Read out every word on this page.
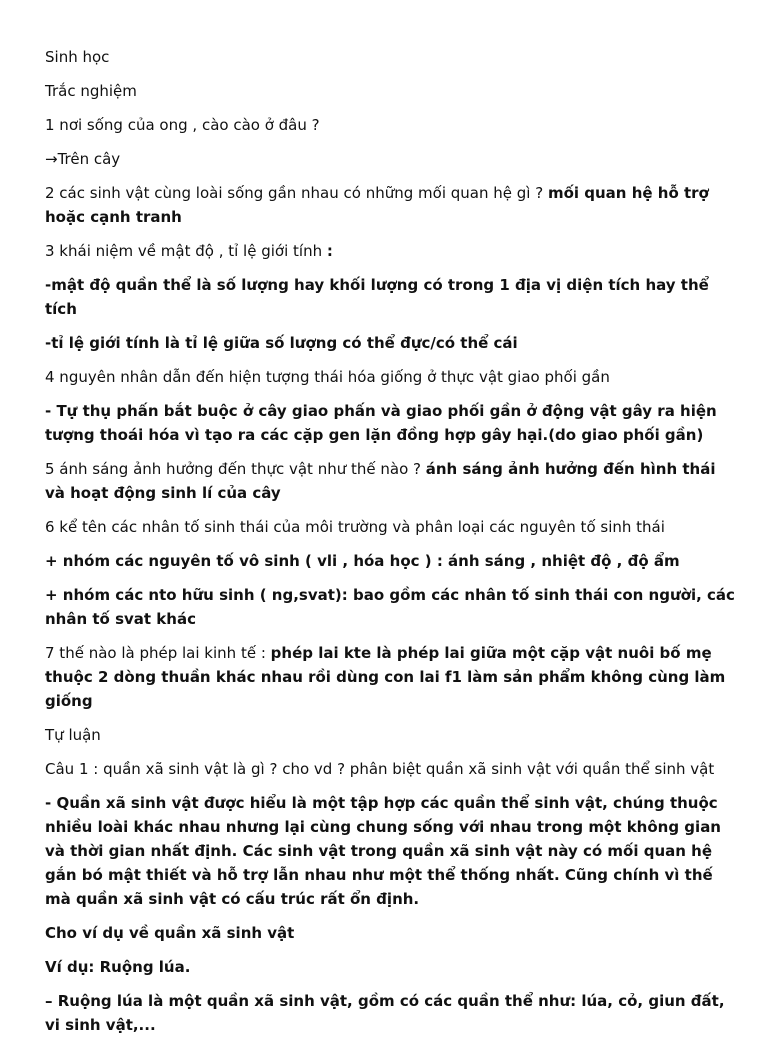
Sinh học

Trắc nghiệm

1 nơi sống của ong , cào cào ở đâu ?

→Trên cây

2 các sinh vật cùng loài sống gần nhau có những mối quan hệ gì ? mối quan hệ hỗ trợ hoặc cạnh tranh

3 khái niệm về mật độ , tỉ lệ giới tính :

-mật độ quần thể là số lượng hay khối lượng có trong 1 địa vị diện tích hay thể tích

-tỉ lệ giới tính là tỉ lệ giữa số lượng có thể đực/có thể cái

4 nguyên nhân dẫn đến hiện tượng thái hóa giống ở thực vật giao phối gần

- Tự thụ phấn bắt buộc ở cây giao phấn và giao phối gần ở động vật gây ra hiện tượng thoái hóa vì tạo ra các cặp gen lặn đồng hợp gây hại.(do giao phối gần)

5 ánh sáng ảnh hưởng đến thực vật như thế nào ? ánh sáng ảnh hưởng đến hình thái và hoạt động sinh lí của cây

6 kể tên các nhân tố sinh thái của môi trường và phân loại các nguyên tố sinh thái

+ nhóm các nguyên tố vô sinh ( vli , hóa học ) : ánh sáng , nhiệt độ , độ ẩm

+ nhóm các nto hữu sinh ( ng,svat): bao gồm các nhân tố sinh thái con người, các nhân tố svat khác

7 thế nào là phép lai kinh tế : phép lai kte là phép lai giữa một cặp vật nuôi bố mẹ thuộc 2 dòng thuần khác nhau rồi dùng con lai f1 làm sản phẩm không cùng làm giống

Tự luận

Câu 1 : quần xã sinh vật là gì ? cho vd ? phân biệt quần xã sinh vật với quần thể sinh vật

- Quần xã sinh vật được hiểu là một tập hợp các quần thể sinh vật, chúng thuộc nhiều loài khác nhau nhưng lại cùng chung sống với nhau trong một không gian và thời gian nhất định. Các sinh vật trong quần xã sinh vật này có mối quan hệ gắn bó mật thiết và hỗ trợ lẫn nhau như một thể thống nhất. Cũng chính vì thế mà quần xã sinh vật có cấu trúc rất ổn định.

Cho ví dụ về quần xã sinh vật

Ví dụ: Ruộng lúa.

– Ruộng lúa là một quần xã sinh vật, gồm có các quần thể như: lúa, cỏ, giun đất, vi sinh vật,...
